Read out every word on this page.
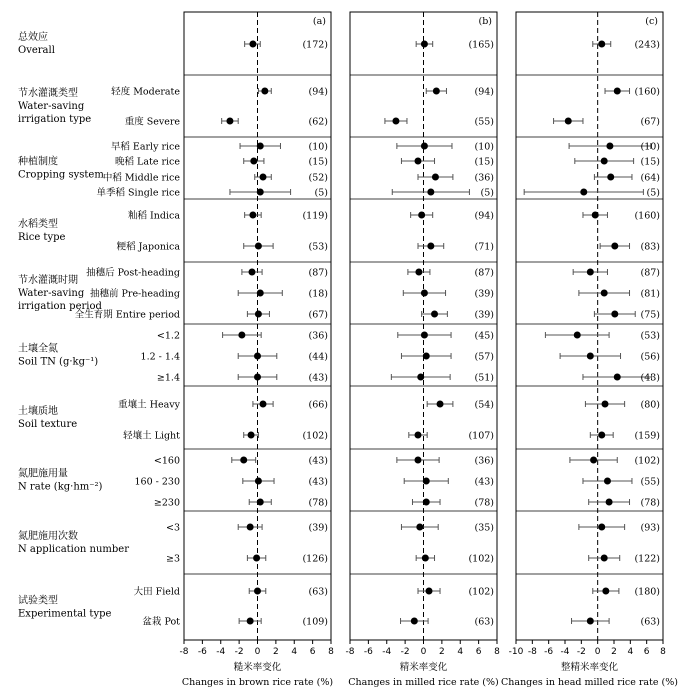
-8 -6 -4 -2 0 2 4 6 8
(a)
糙米率变化
Changes in brown rice rate (%)
-8 -6 -4 -2 0 2 4 6 8
(b)
精米率变化
Changes in milled rice rate (%)
-10 -8 -6 -4 -2 0 2 4 6 8
(c)
整精米率变化
Changes in head milled rice rate (%)
总效应
Overall	(172)	(165)	(243)
节水灌溉类型
Water-saving
irrigation type
轻度 Moderate	(94)	(94)	(160)
重度 Severe	(62)	(55)	(67)
种植制度
Cropping system
早稻 Early rice	(10)	(10)	(10)
晚稻 Late rice	(15)	(15)	(15)
中稻 Middle rice	(52)	(36)	(64)
单季稻 Single rice	(5)	(5)	(5)
水稻类型
Rice type
籼稻 Indica	(119)	(94)	(160)
粳稻 Japonica	(53)	(71)	(83)
节水灌溉时期
Water-saving
irrigation period
抽穗后 Post-heading	(87)	(87)	(87)
抽穗前 Pre-heading	(18)	(39)	(81)
全生育期 Entire period	(67)	(39)	(75)
土壤全氮
Soil TN (g·kg⁻¹)
<1.2	(36)	(45)	(53)
1.2 - 1.4	(44)	(57)	(56)
≥1.4	(43)	(51)	(43)
土壤质地
Soil texture
重壤土 Heavy	(66)	(54)	(80)
轻壤土 Light	(102)	(107)	(159)
氮肥施用量
N rate (kg·hm⁻²)
<160	(43)	(36)	(102)
160 - 230	(43)	(43)	(55)
≥230	(78)	(78)	(78)
氮肥施用次数
N application number
<3	(39)	(35)	(93)
≥3	(126)	(102)	(122)
试验类型
Experimental type
大田 Field	(63)	(102)	(180)
盆栽 Pot	(109)	(63)	(63)
